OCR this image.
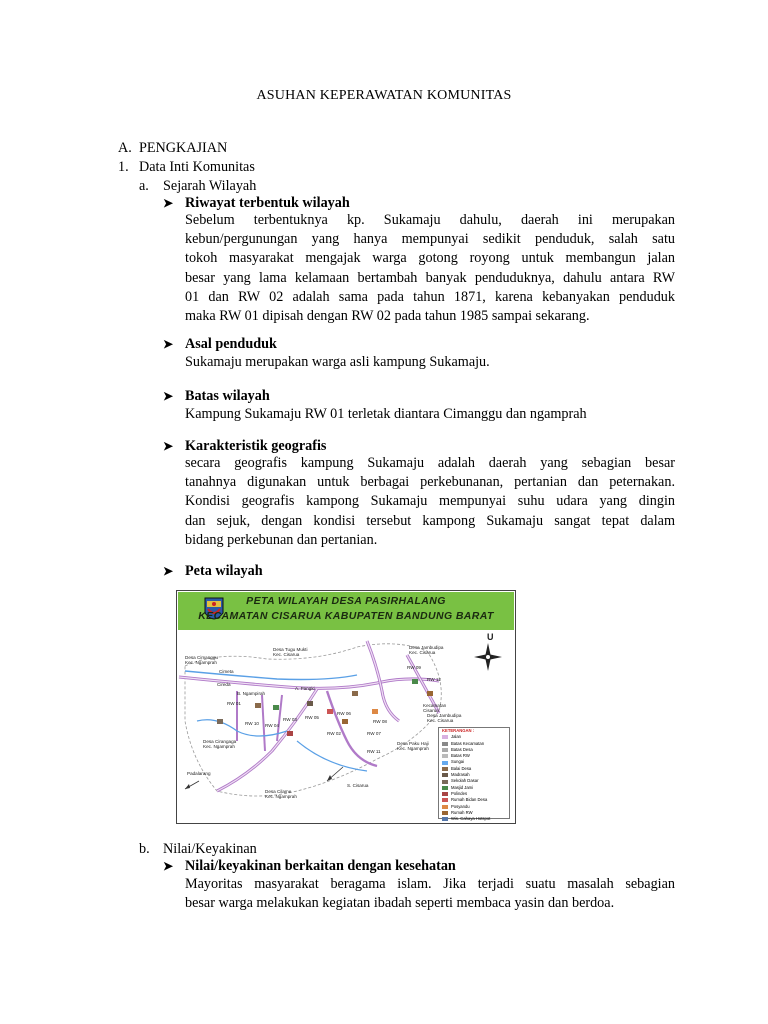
ASUHAN KEPERAWATAN KOMUNITAS
A. PENGKAJIAN
1. Data Inti Komunitas
a. Sejarah Wilayah
➤ Riwayat terbentuk wilayah
Sebelum terbentuknya kp. Sukamaju dahulu, daerah ini merupakan
kebun/pergunungan yang hanya mempunyai sedikit penduduk, salah satu
tokoh masyarakat mengajak warga gotong royong untuk membangun jalan
besar yang lama kelamaan bertambah banyak penduduknya, dahulu antara RW
01 dan RW 02 adalah sama pada tahun 1871, karena kebanyakan penduduk
maka RW 01 dipisah dengan RW 02 pada tahun 1985 sampai sekarang.
➤ Asal penduduk
Sukamaju merupakan warga asli kampung Sukamaju.
➤ Batas wilayah
Kampung Sukamaju RW 01 terletak diantara Cimanggu dan ngamprah
➤ Karakteristik geografis
secara geografis kampung Sukamaju adalah daerah yang sebagian besar
tanahnya digunakan untuk berbagai perkebunanan, pertanian dan peternakan.
Kondisi geografis kampong Sukamaju mempunyai suhu udara yang dingin
dan sejuk, dengan kondisi tersebut kampong Sukamaju sangat tepat dalam
bidang perkebunan dan pertanian.
➤ Peta wilayah
PETA WILAYAH DESA PASIRHALANG
KECAMATAN CISARUA KABUPATEN BANDUNG BARAT
U
Desa Cimanggu
Kec. Ngamprah
Desa Tugu Mukti
Kec. Cisarua
Desa Jambudipa
Kec. Cisarua
Desa Jambudipa
Kec. Cisarua
Cimeta
Cireda
B. Ngampirah
A. Pangki
Desa Cirangaga
Kec. Ngamprah
Desa Paku Haji
Kec. Ngamprah
Desa Cilame
Kec. Ngamprah
S. Cisarua
Padalarang
Kecamatan
Cisarua
RW 01
RW 02
RW 03
RW 04
RW 05
RW 06
RW 07
RW 08
RW 09
RW 10
RW 11
RW 12
KETERANGAN :
Jalan
Batas Kecamatan
Batas Desa
Batas RW
Sungai
Balai Desa
Madrasah
Sekolah Dasar
Masjid Jami
Polindes
Rumah Bidan Desa
Posyandu
Rumah RW
Wis. Cahaya Hotspot
b. Nilai/Keyakinan
➤ Nilai/keyakinan berkaitan dengan kesehatan
Mayoritas masyarakat beragama islam. Jika terjadi suatu masalah sebagian
besar warga melakukan kegiatan ibadah seperti membaca yasin dan berdoa.
